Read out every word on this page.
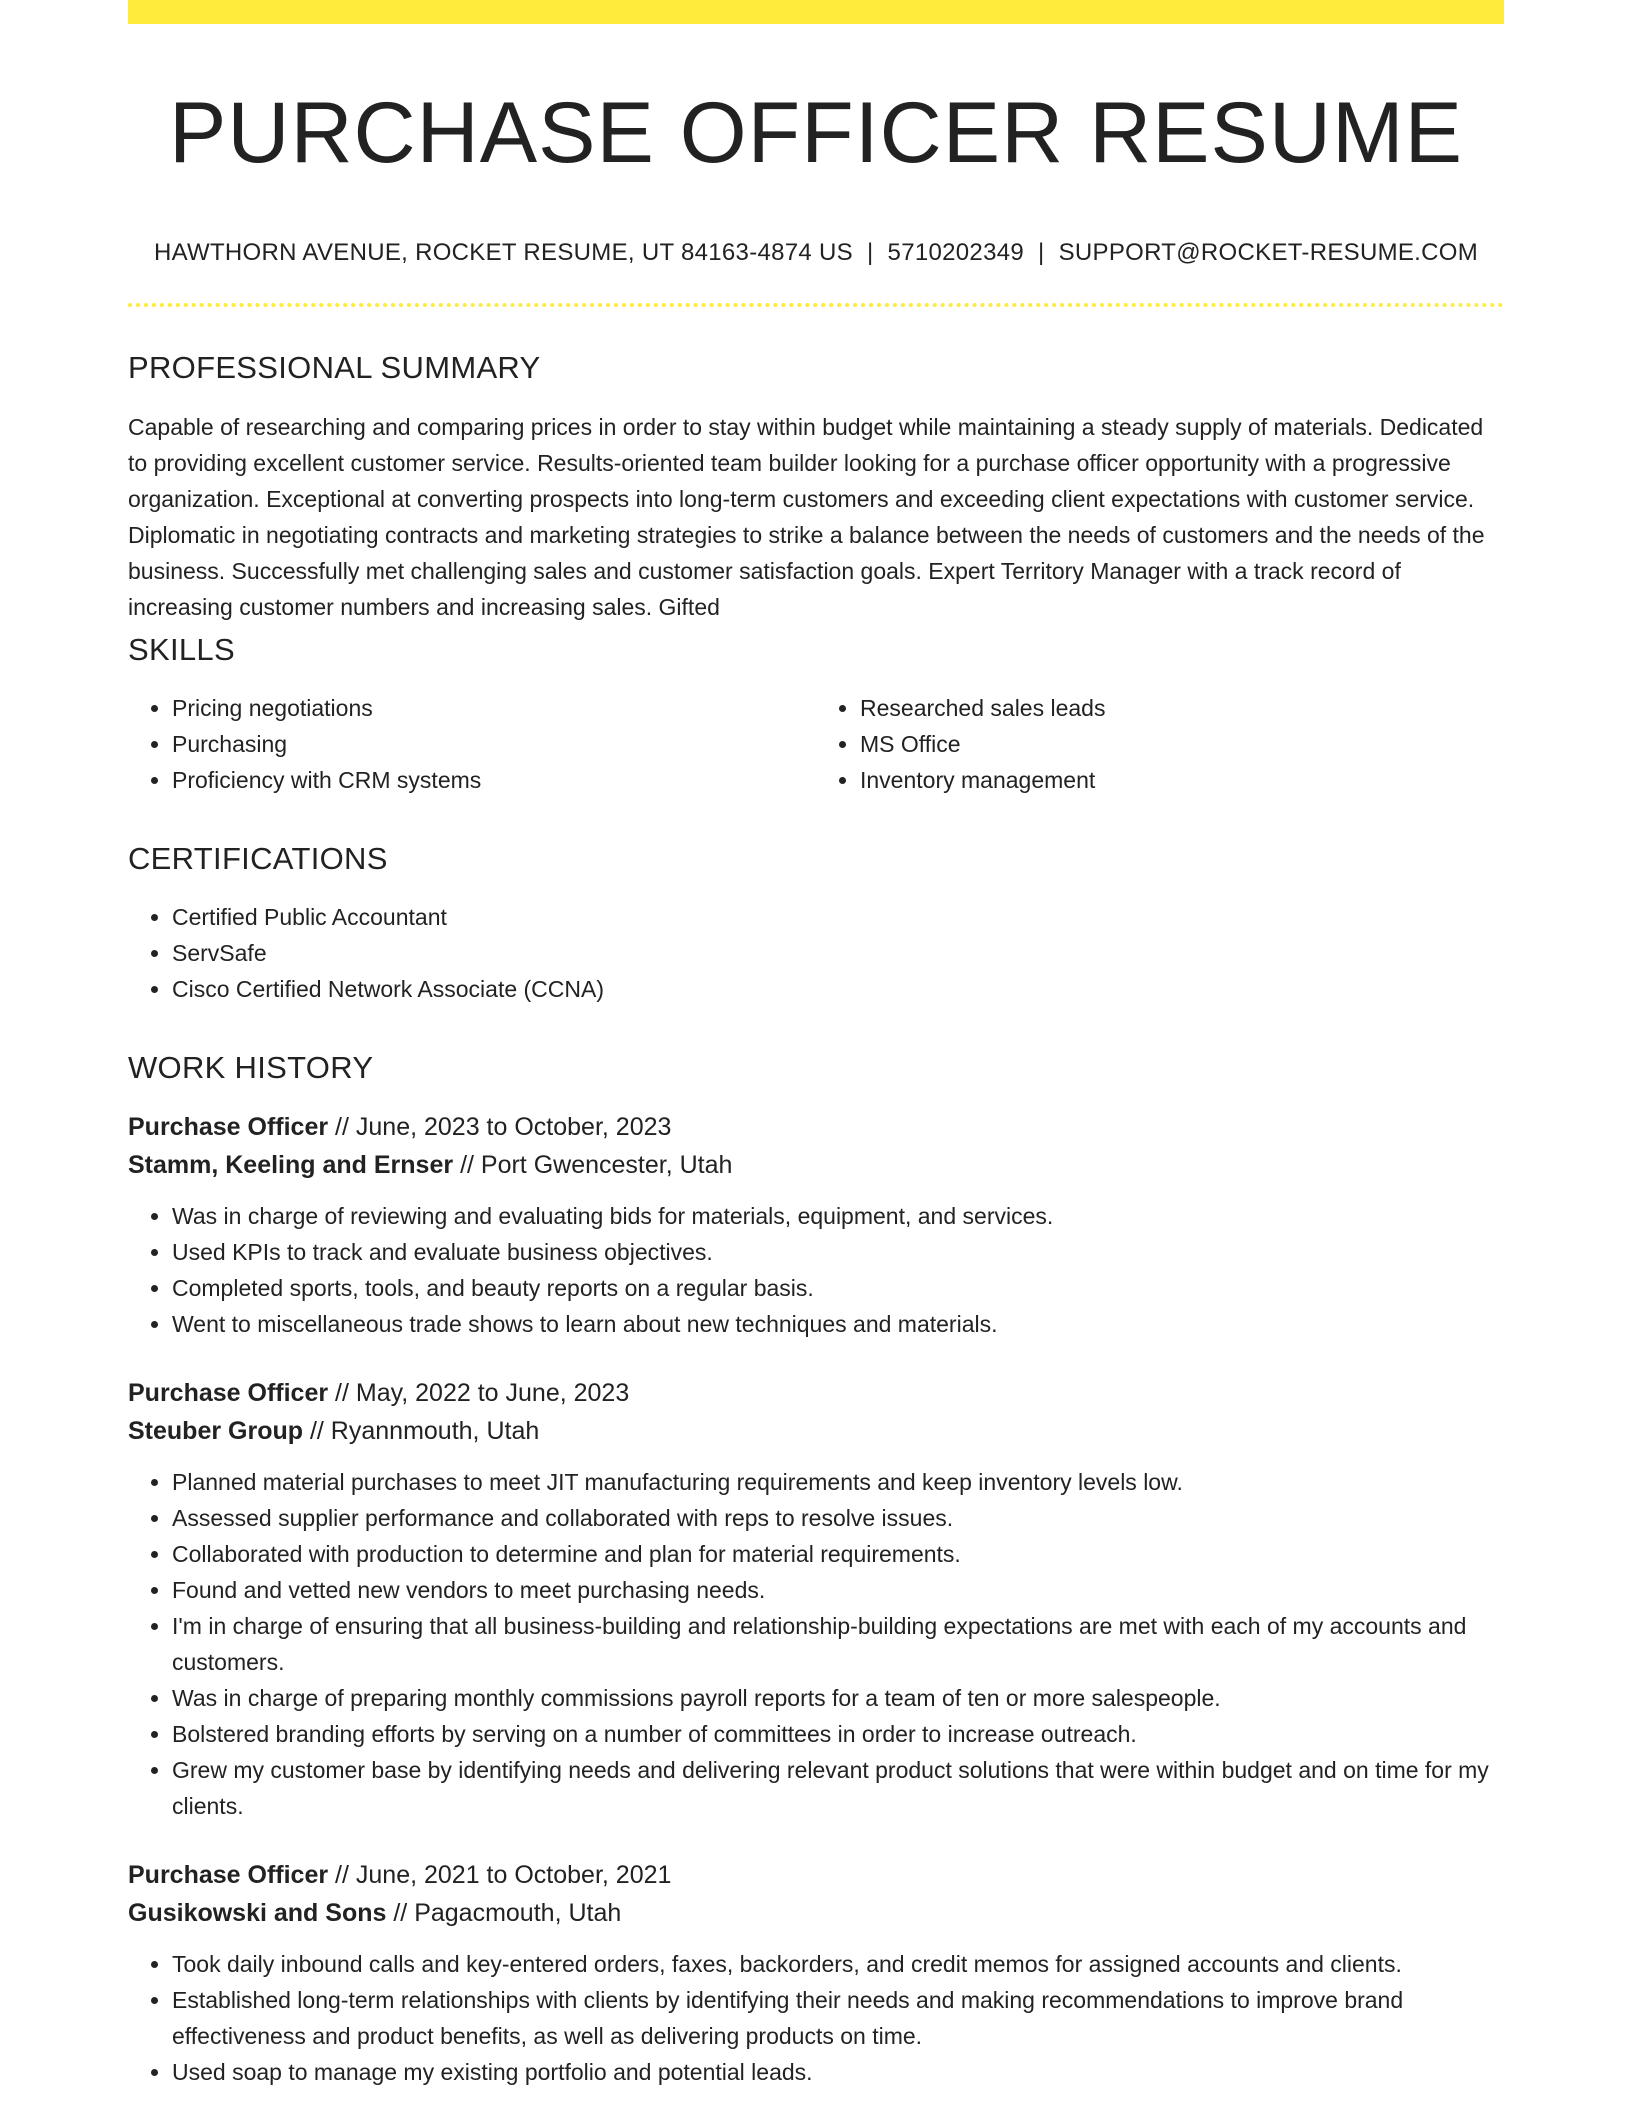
PURCHASE OFFICER RESUME
HAWTHORN AVENUE, ROCKET RESUME, UT 84163-4874 US | 5710202349 | SUPPORT@ROCKET-RESUME.COM
PROFESSIONAL SUMMARY

Capable of researching and comparing prices in order to stay within budget while maintaining a steady supply of materials. Dedicated to providing excellent customer service. Results-oriented team builder looking for a purchase officer opportunity with a progressive organization. Exceptional at converting prospects into long-term customers and exceeding client expectations with customer service. Diplomatic in negotiating contracts and marketing strategies to strike a balance between the needs of customers and the needs of the business. Successfully met challenging sales and customer satisfaction goals. Expert Territory Manager with a track record of increasing customer numbers and increasing sales. Gifted

SKILLS
• Pricing negotiations
• Purchasing
• Proficiency with CRM systems
• Researched sales leads
• MS Office
• Inventory management
CERTIFICATIONS
• Certified Public Accountant
• ServSafe
• Cisco Certified Network Associate (CCNA)
WORK HISTORY
Purchase Officer // June, 2023 to October, 2023
Stamm, Keeling and Ernser // Port Gwencester, Utah
• Was in charge of reviewing and evaluating bids for materials, equipment, and services.
• Used KPIs to track and evaluate business objectives.
• Completed sports, tools, and beauty reports on a regular basis.
• Went to miscellaneous trade shows to learn about new techniques and materials.
Purchase Officer // May, 2022 to June, 2023
Steuber Group // Ryannmouth, Utah
• Planned material purchases to meet JIT manufacturing requirements and keep inventory levels low.
• Assessed supplier performance and collaborated with reps to resolve issues.
• Collaborated with production to determine and plan for material requirements.
• Found and vetted new vendors to meet purchasing needs.
• I'm in charge of ensuring that all business-building and relationship-building expectations are met with each of my accounts and customers.
• Was in charge of preparing monthly commissions payroll reports for a team of ten or more salespeople.
• Bolstered branding efforts by serving on a number of committees in order to increase outreach.
• Grew my customer base by identifying needs and delivering relevant product solutions that were within budget and on time for my clients.
Purchase Officer // June, 2021 to October, 2021
Gusikowski and Sons // Pagacmouth, Utah
• Took daily inbound calls and key-entered orders, faxes, backorders, and credit memos for assigned accounts and clients.
• Established long-term relationships with clients by identifying their needs and making recommendations to improve brand effectiveness and product benefits, as well as delivering products on time.
• Used soap to manage my existing portfolio and potential leads.
